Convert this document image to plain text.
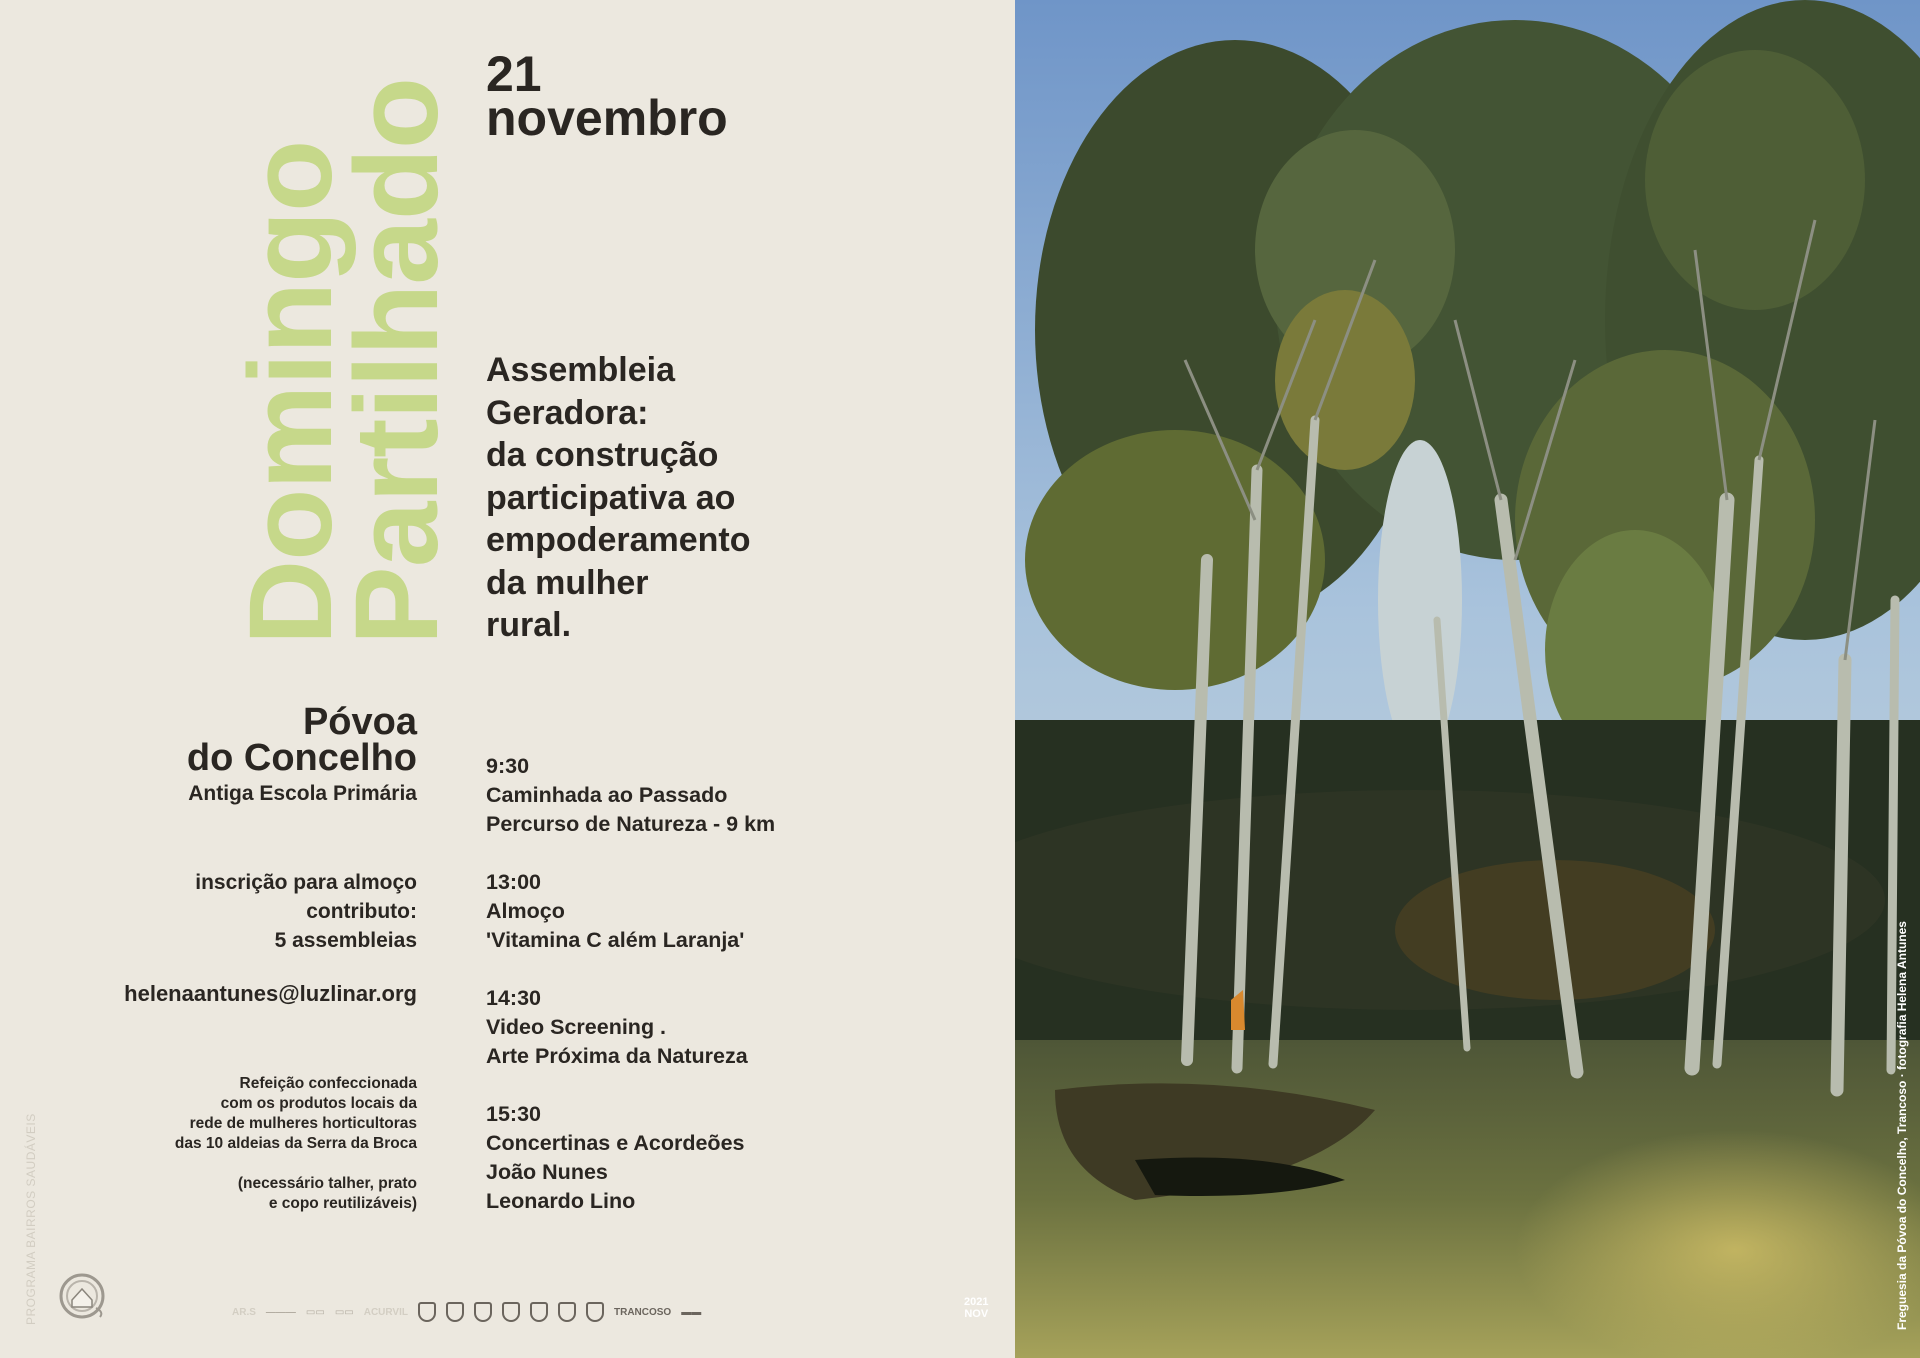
Domingo
Partilhado
21
novembro
Assembleia
Geradora:
da construção
participativa ao
empoderamento
da mulher
rural.
Póvoa
do Concelho
Antiga Escola Primária
inscrição para almoço
contributo:
5 assembleias
helenaantunes@luzlinar.org
Refeição confeccionada
com os produtos locais da
rede de mulheres horticultoras
das 10 aldeias da Serra da Broca
(necessário talher, prato
e copo reutilizáveis)
9:30
Caminhada ao Passado
Percurso de Natureza - 9 km
13:00
Almoço
'Vitamina C além Laranja'
14:30
Video Screening .
Arte Próxima da Natureza
15:30
Concertinas e Acordeões
João Nunes
Leonardo Lino
PROGRAMA BAIRROS SAUDÁVEIS	AR.S ——— ▭▭ ▭▭ ACURVIL	TRANCOSO ▬▬
2021
NOV	Freguesia da Póvoa do Concelho, Trancoso · fotografia Helena Antunes
